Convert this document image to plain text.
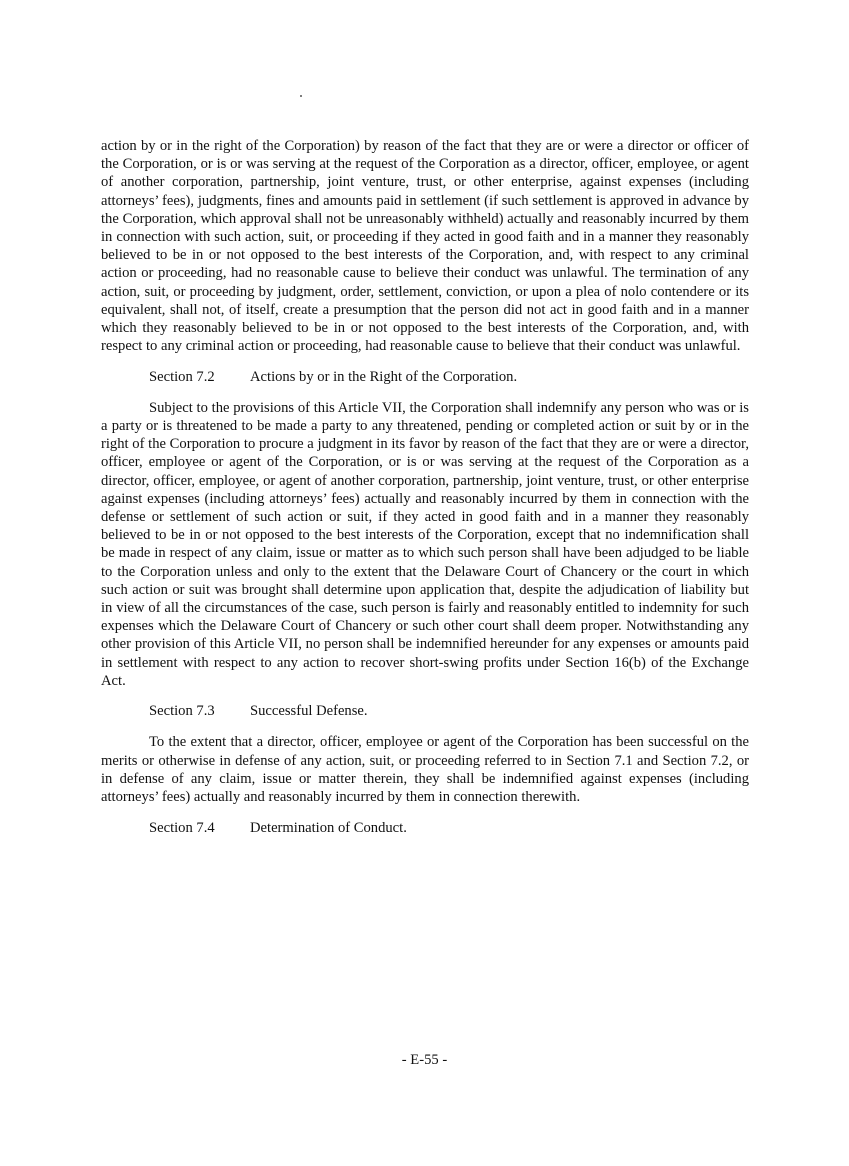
action by or in the right of the Corporation) by reason of the fact that they are or were a director or officer of the Corporation, or is or was serving at the request of the Corporation as a director, officer, employee, or agent of another corporation, partnership, joint venture, trust, or other enterprise, against expenses (including attorneys’ fees), judgments, fines and amounts paid in settlement (if such settlement is approved in advance by the Corporation, which approval shall not be unreasonably withheld) actually and reasonably incurred by them in connection with such action, suit, or proceeding if they acted in good faith and in a manner they reasonably believed to be in or not opposed to the best interests of the Corporation, and, with respect to any criminal action or proceeding, had no reasonable cause to believe their conduct was unlawful. The termination of any action, suit, or proceeding by judgment, order, settlement, conviction, or upon a plea of nolo contendere or its equivalent, shall not, of itself, create a presumption that the person did not act in good faith and in a manner which they reasonably believed to be in or not opposed to the best interests of the Corporation, and, with respect to any criminal action or proceeding, had reasonable cause to believe that their conduct was unlawful.

Section 7.2 Actions by or in the Right of the Corporation.

Subject to the provisions of this Article VII, the Corporation shall indemnify any person who was or is a party or is threatened to be made a party to any threatened, pending or completed action or suit by or in the right of the Corporation to procure a judgment in its favor by reason of the fact that they are or were a director, officer, employee or agent of the Corporation, or is or was serving at the request of the Corporation as a director, officer, employee, or agent of another corporation, partnership, joint venture, trust, or other enterprise against expenses (including attorneys’ fees) actually and reasonably incurred by them in connection with the defense or settlement of such action or suit, if they acted in good faith and in a manner they reasonably believed to be in or not opposed to the best interests of the Corporation, except that no indemnification shall be made in respect of any claim, issue or matter as to which such person shall have been adjudged to be liable to the Corporation unless and only to the extent that the Delaware Court of Chancery or the court in which such action or suit was brought shall determine upon application that, despite the adjudication of liability but in view of all the circumstances of the case, such person is fairly and reasonably entitled to indemnity for such expenses which the Delaware Court of Chancery or such other court shall deem proper. Notwithstanding any other provision of this Article VII, no person shall be indemnified hereunder for any expenses or amounts paid in settlement with respect to any action to recover short-swing profits under Section 16(b) of the Exchange Act.

Section 7.3 Successful Defense.

To the extent that a director, officer, employee or agent of the Corporation has been successful on the merits or otherwise in defense of any action, suit, or proceeding referred to in Section 7.1 and Section 7.2, or in defense of any claim, issue or matter therein, they shall be indemnified against expenses (including attorneys’ fees) actually and reasonably incurred by them in connection therewith.

Section 7.4 Determination of Conduct.

- E-55 -
